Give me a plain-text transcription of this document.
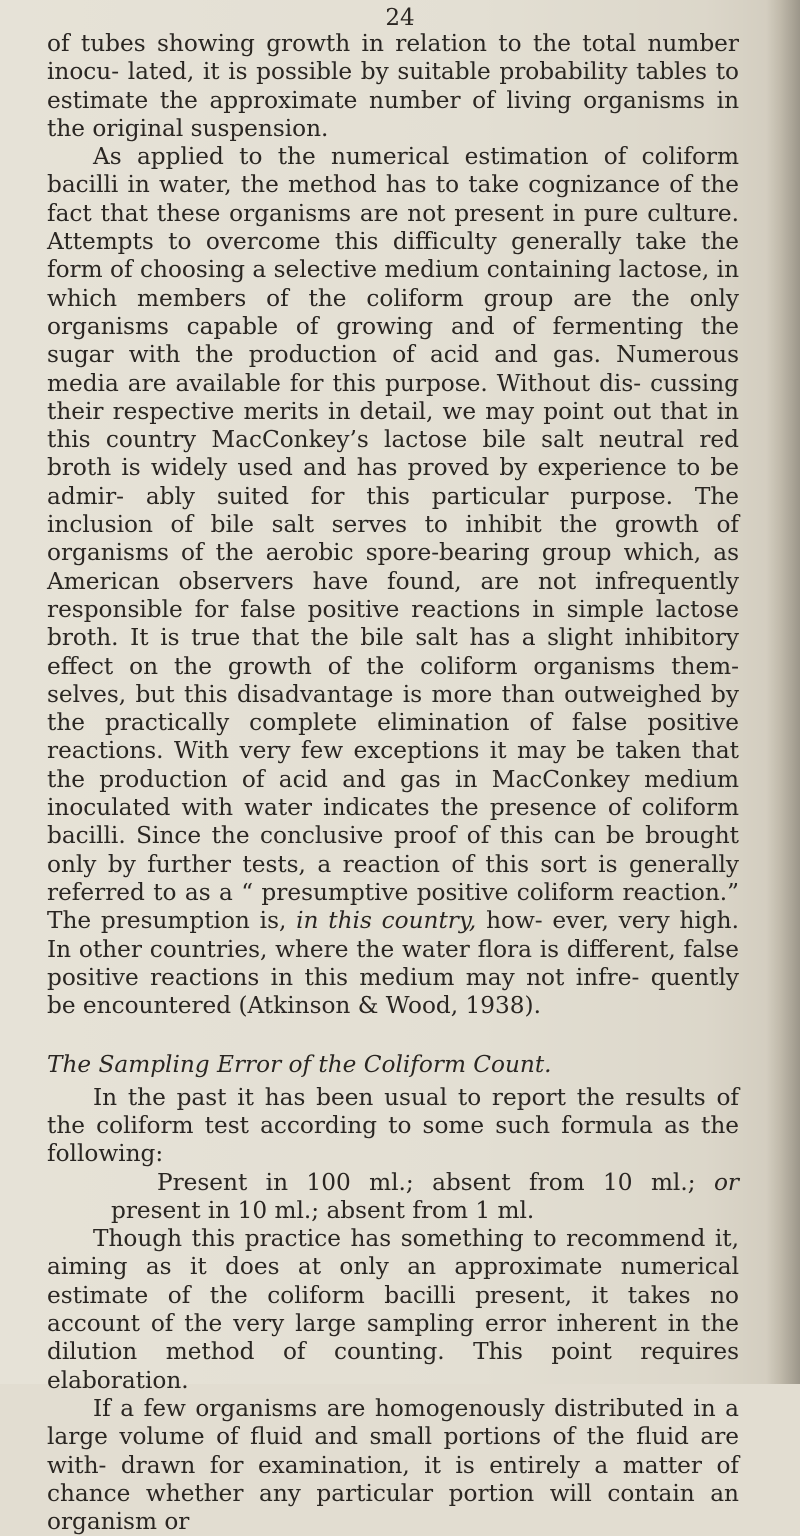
24

of tubes showing growth in relation to the total number inocu- lated, it is possible by suitable probability tables to estimate the approximate number of living organisms in the original suspension.

As applied to the numerical estimation of coliform bacilli in water, the method has to take cognizance of the fact that these organisms are not present in pure culture. Attempts to overcome this difficulty generally take the form of choosing a selective medium containing lactose, in which members of the coliform group are the only organisms capable of growing and of fermenting the sugar with the production of acid and gas. Numerous media are available for this purpose. Without dis- cussing their respective merits in detail, we may point out that in this country MacConkey’s lactose bile salt neutral red broth is widely used and has proved by experience to be admir- ably suited for this particular purpose. The inclusion of bile salt serves to inhibit the growth of organisms of the aerobic spore-bearing group which, as American observers have found, are not infrequently responsible for false positive reactions in simple lactose broth. It is true that the bile salt has a slight inhibitory effect on the growth of the coliform organisms them- selves, but this disadvantage is more than outweighed by the practically complete elimination of false positive reactions. With very few exceptions it may be taken that the production of acid and gas in MacConkey medium inoculated with water indicates the presence of coliform bacilli. Since the conclusive proof of this can be brought only by further tests, a reaction of this sort is generally referred to as a “ presumptive positive coliform reaction.” The presumption is, in this country, how- ever, very high. In other countries, where the water flora is different, false positive reactions in this medium may not infre- quently be encountered (Atkinson & Wood, 1938).

The Sampling Error of the Coliform Count.

In the past it has been usual to report the results of the coliform test according to some such formula as the following:

Present in 100 ml.; absent from 10 ml.; or present in 10 ml.; absent from 1 ml.

Though this practice has something to recommend it, aiming as it does at only an approximate numerical estimate of the coliform bacilli present, it takes no account of the very large sampling error inherent in the dilution method of counting. This point requires elaboration.

If a few organisms are homogenously distributed in a large volume of fluid and small portions of the fluid are with- drawn for examination, it is entirely a matter of chance whether any particular portion will contain an organism or
